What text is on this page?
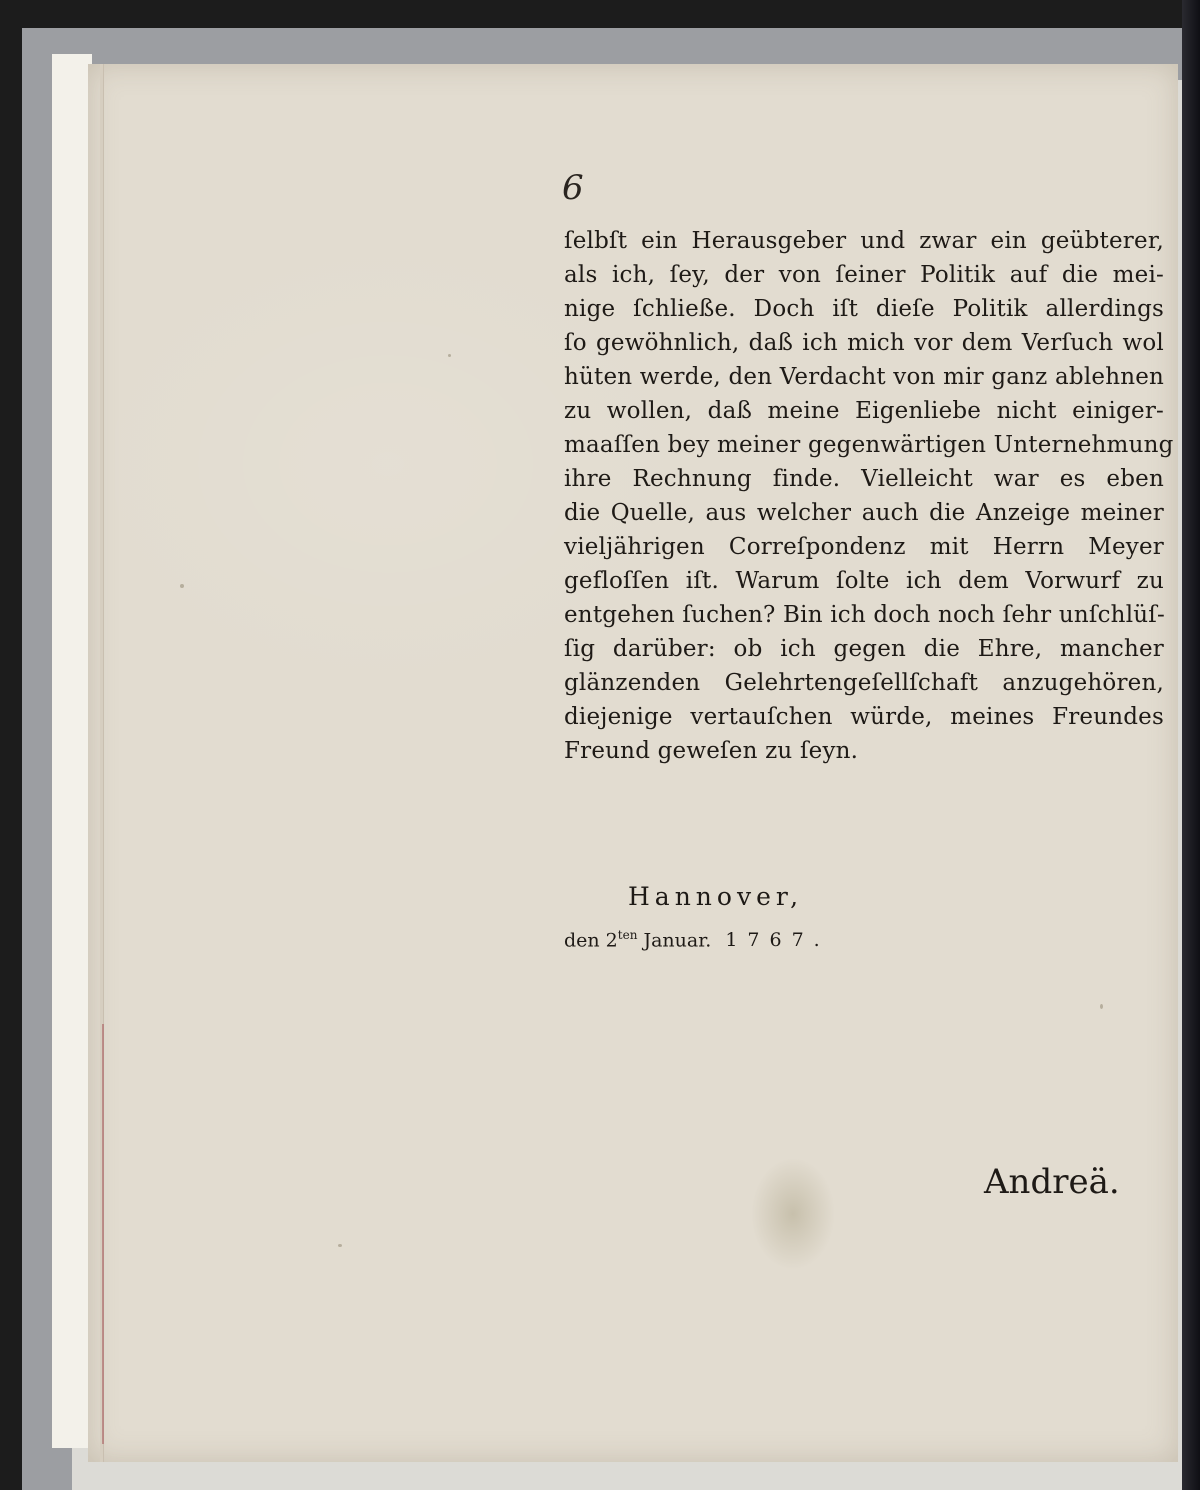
6
ſelbſt ein Herausgeber und zwar ein geübterer,
als ich, ſey, der von ſeiner Politik auf die mei-
nige ſchließe. Doch iſt dieſe Politik allerdings
ſo gewöhnlich, daß ich mich vor dem Verſuch wol
hüten werde, den Verdacht von mir ganz ablehnen
zu wollen, daß meine Eigenliebe nicht einiger-
maaſſen bey meiner gegenwärtigen Unternehmung
ihre Rechnung finde. Vielleicht war es eben
die Quelle, aus welcher auch die Anzeige meiner
vieljährigen Correſpondenz mit Herrn Meyer
gefloſſen iſt. Warum ſolte ich dem Vorwurf zu
entgehen ſuchen? Bin ich doch noch ſehr unſchlüſ-
ſig darüber: ob ich gegen die Ehre, mancher
glänzenden Gelehrtengeſellſchaft anzugehören,
diejenige vertauſchen würde, meines Freundes
Freund geweſen zu ſeyn.
Hannover,
den $2^{ten}$ Januar. 1767.
Andreä.
